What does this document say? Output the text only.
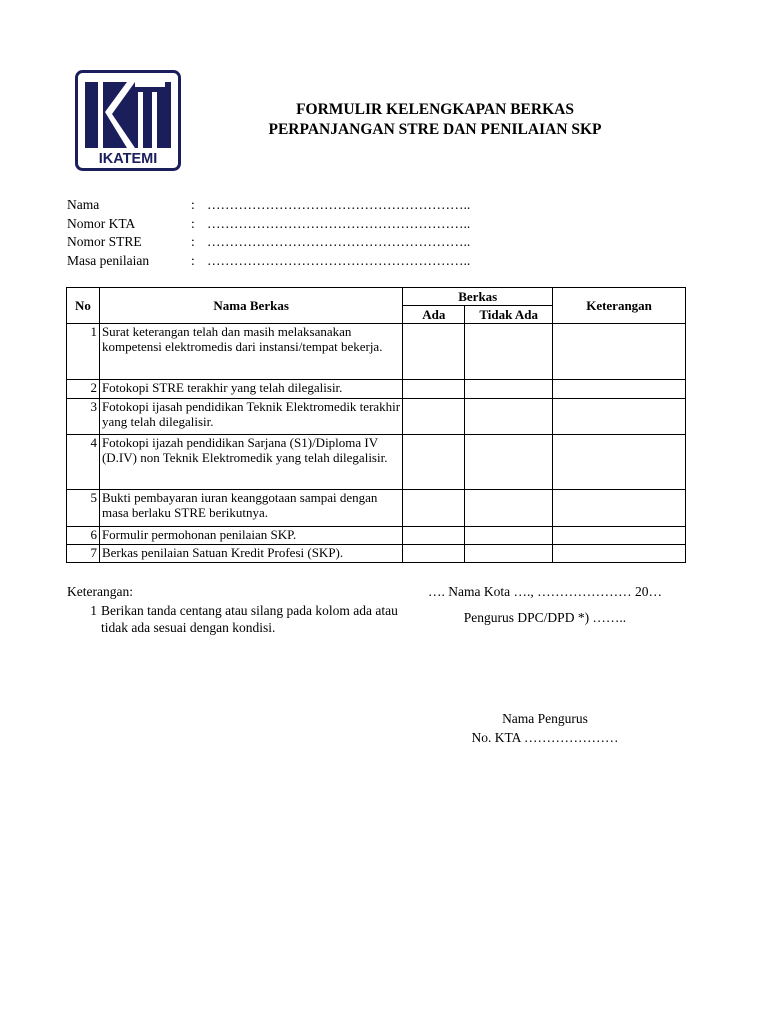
IKATEMI
FORMULIR KELENGKAPAN BERKAS
PERPANJANGAN STRE DAN PENILAIAN SKP
Nama	: …………………………………………………..
Nomor KTA	: …………………………………………………..
Nomor STRE	: …………………………………………………..
Masa penilaian	: …………………………………………………..
No	Nama Berkas	Berkas		Keterangan
		Ada	Tidak Ada	
1	Surat keterangan telah dan masih melaksanakan kompetensi elektromedis dari instansi/tempat bekerja.			
2	Fotokopi STRE terakhir yang telah dilegalisir.			
3	Fotokopi ijasah pendidikan Teknik Elektromedik terakhir yang telah dilegalisir.			
4	Fotokopi ijazah pendidikan Sarjana (S1)/Diploma IV (D.IV) non Teknik Elektromedik yang telah dilegalisir.			
5	Bukti pembayaran iuran keanggotaan sampai dengan masa berlaku STRE berikutnya.			
6	Formulir permohonan penilaian SKP.			
7	Berkas penilaian Satuan Kredit Profesi (SKP).			
Keterangan:
1 Berikan tanda centang atau silang pada kolom ada atau tidak ada sesuai dengan kondisi.
…. Nama Kota …., ………………… 20…
Pengurus DPC/DPD *) ……..
Nama Pengurus
No. KTA …………………
